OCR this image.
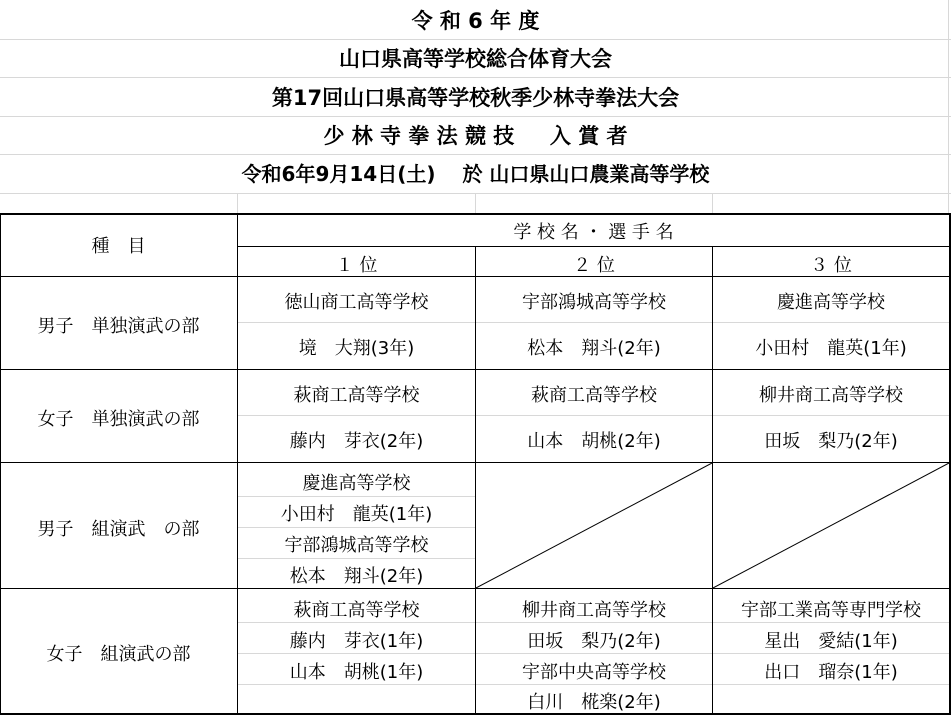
令 和 6 年 度
山口県高等学校総合体育大会
第17回山口県高等学校秋季少林寺拳法大会
少 林 寺 拳 法 競 技 　 入 賞 者
令和6年9月14日(土)　 於 山口県山口農業高等学校
種　目
学 校 名 ・ 選 手 名
１ 位	２ 位	３ 位
男子　単独演武の部
徳山商工高等学校
境　大翔(3年)
宇部鴻城高等学校
松本　翔斗(2年)
慶進高等学校
小田村　龍英(1年)
女子　単独演武の部
萩商工高等学校
藤内　芽衣(2年)
萩商工高等学校
山本　胡桃(2年)
柳井商工高等学校
田坂　梨乃(2年)
男子　組演武　の部
慶進高等学校
小田村　龍英(1年)
宇部鴻城高等学校
松本　翔斗(2年)
女子　組演武の部
萩商工高等学校
藤内　芽衣(1年)
山本　胡桃(1年)
柳井商工高等学校
田坂　梨乃(2年)
宇部中央高等学校
白川　椛楽(2年)
宇部工業高等専門学校
星出　愛結(1年)
出口　瑠奈(1年)
